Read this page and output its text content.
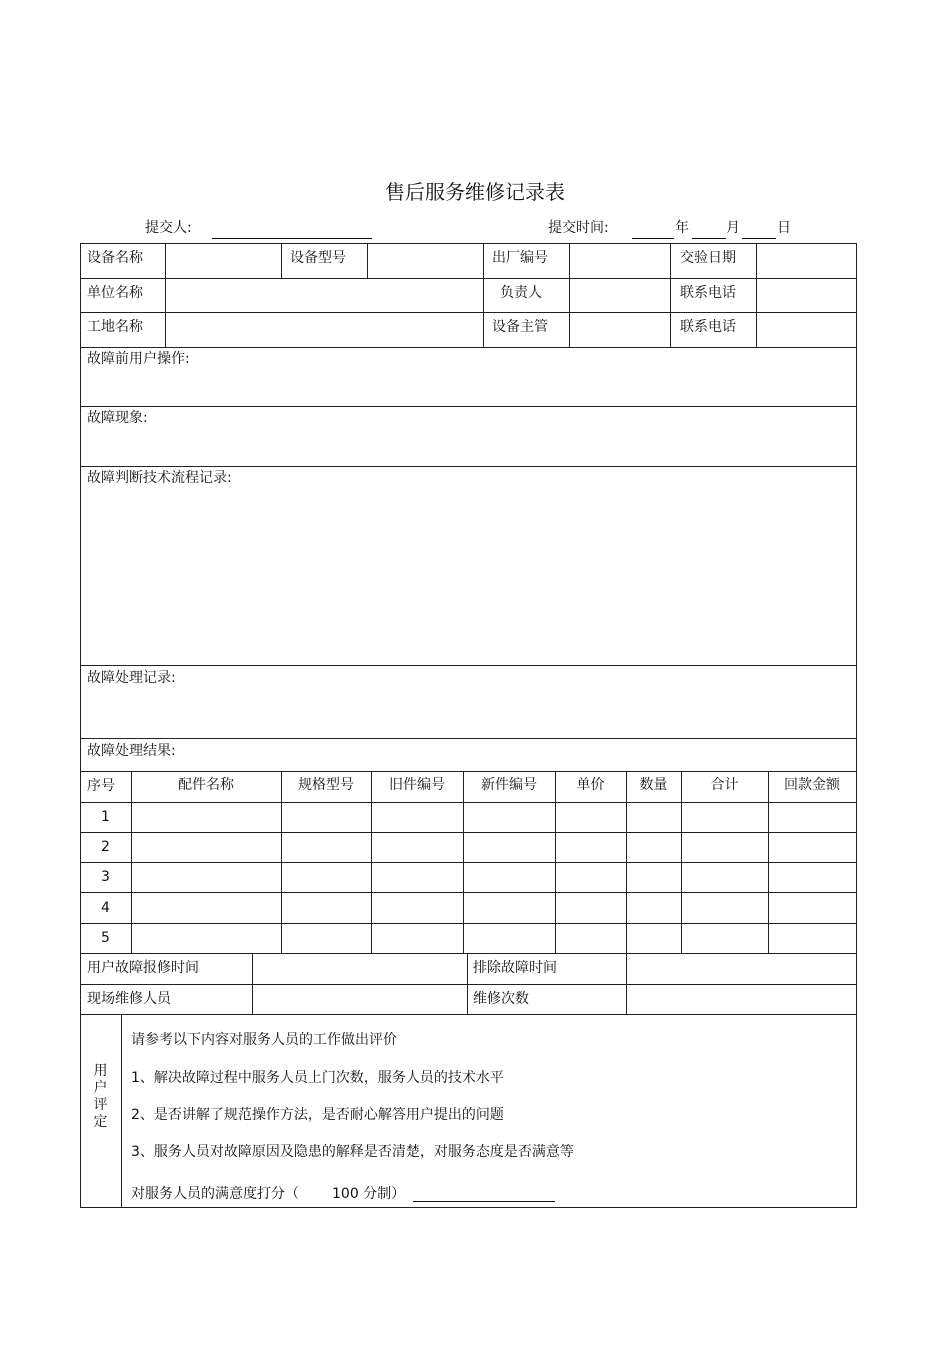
售后服务维修记录表
提交人:	提交时间:	年	月	日
设备名称	设备型号	出厂编号	交验日期
单位名称	负责人	联系电话
工地名称	设备主管	联系电话
故障前用户操作:
故障现象:
故障判断技术流程记录:
故障处理记录:
故障处理结果:
序号	配件名称	规格型号	旧件编号	新件编号	单价	数量	合计	回款金额
1
2
3
4
5
用户故障报修时间	排除故障时间
现场维修人员	维修次数
用
户
评
定
请参考以下内容对服务人员的工作做出评价
1、解决故障过程中服务人员上门次数，服务人员的技术水平
2、是否讲解了规范操作方法，是否耐心解答用户提出的问题
3、服务人员对故障原因及隐患的解释是否清楚，对服务态度是否满意等
对服务人员的满意度打分（ 100 分制）
